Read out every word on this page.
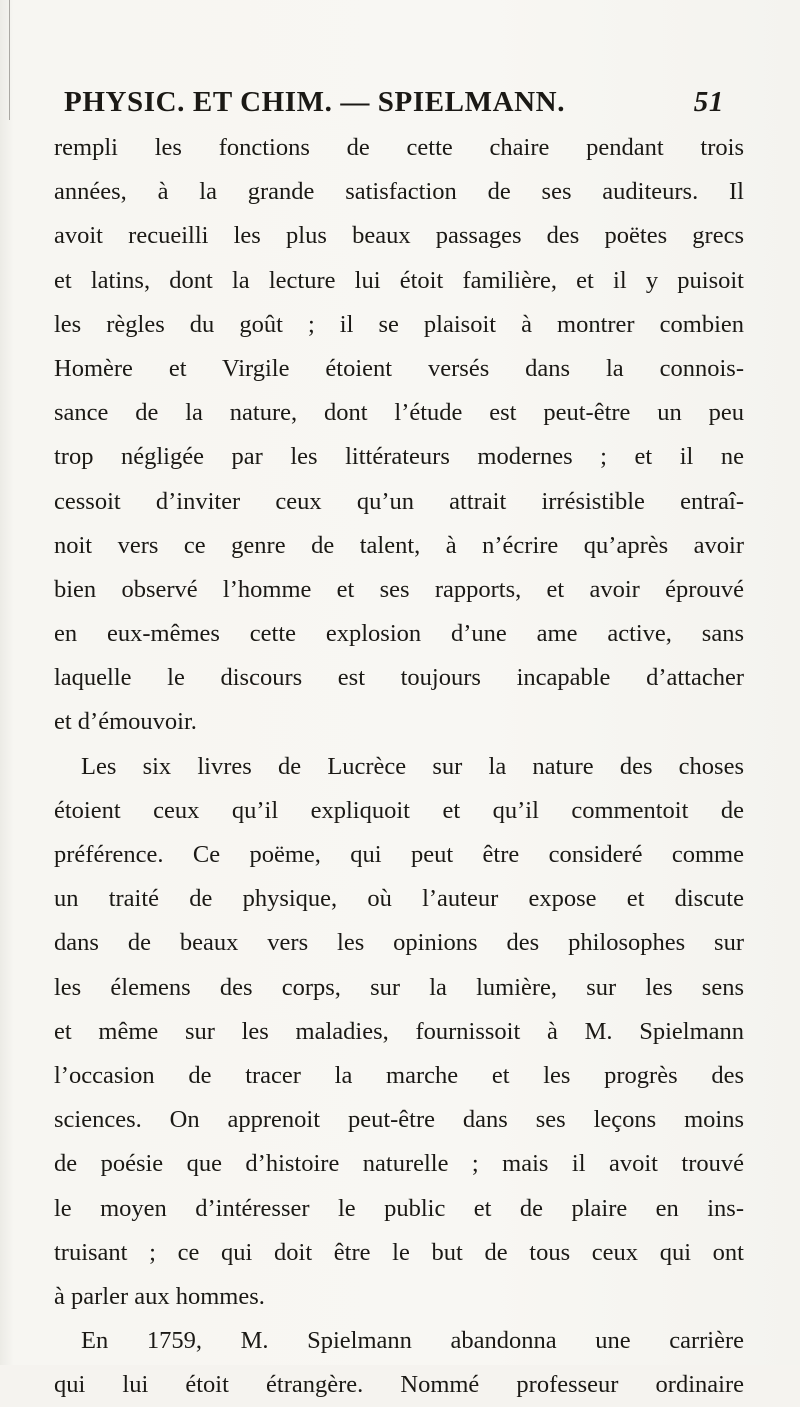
PHYSIC. ET CHIM. — SPIELMANN.	51
rempli les fonctions de cette chaire pendant trois
années, à la grande satisfaction de ses auditeurs. Il
avoit recueilli les plus beaux passages des poëtes grecs
et latins, dont la lecture lui étoit familière, et il y puisoit
les règles du goût ; il se plaisoit à montrer combien
Homère et Virgile étoient versés dans la connois-
sance de la nature, dont l’étude est peut-être un peu
trop négligée par les littérateurs modernes ; et il ne
cessoit d’inviter ceux qu’un attrait irrésistible entraî-
noit vers ce genre de talent, à n’écrire qu’après avoir
bien observé l’homme et ses rapports, et avoir éprouvé
en eux-mêmes cette explosion d’une ame active, sans
laquelle le discours est toujours incapable d’attacher
et d’émouvoir.
Les six livres de Lucrèce sur la nature des choses
étoient ceux qu’il expliquoit et qu’il commentoit de
préférence. Ce poëme, qui peut être consideré comme
un traité de physique, où l’auteur expose et discute
dans de beaux vers les opinions des philosophes sur
les élemens des corps, sur la lumière, sur les sens
et même sur les maladies, fournissoit à M. Spielmann
l’occasion de tracer la marche et les progrès des
sciences. On apprenoit peut-être dans ses leçons moins
de poésie que d’histoire naturelle ; mais il avoit trouvé
le moyen d’intéresser le public et de plaire en ins-
truisant ; ce qui doit être le but de tous ceux qui ont
à parler aux hommes.
En 1759, M. Spielmann abandonna une carrière
qui lui étoit étrangère. Nommé professeur ordinaire
